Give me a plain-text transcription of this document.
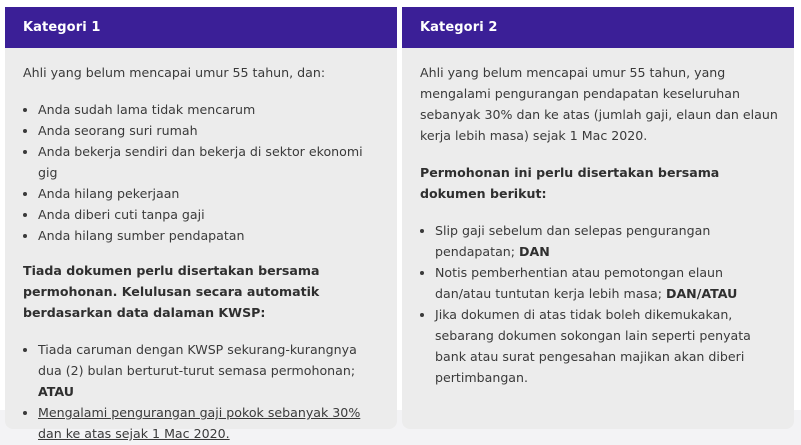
Kategori 1

Ahli yang belum mencapai umur 55 tahun, dan:

• Anda sudah lama tidak mencarum
• Anda seorang suri rumah
• Anda bekerja sendiri dan bekerja di sektor ekonomi gig
• Anda hilang pekerjaan
• Anda diberi cuti tanpa gaji
• Anda hilang sumber pendapatan

Tiada dokumen perlu disertakan bersama permohonan. Kelulusan secara automatik berdasarkan data dalaman KWSP:

• Tiada caruman dengan KWSP sekurang-kurangnya dua (2) bulan berturut-turut semasa permohonan; ATAU
• Mengalami pengurangan gaji pokok sebanyak 30% dan ke atas sejak 1 Mac 2020.
Kategori 2

Ahli yang belum mencapai umur 55 tahun, yang mengalami pengurangan pendapatan keseluruhan sebanyak 30% dan ke atas (jumlah gaji, elaun dan elaun kerja lebih masa) sejak 1 Mac 2020.

Permohonan ini perlu disertakan bersama dokumen berikut:

• Slip gaji sebelum dan selepas pengurangan pendapatan; DAN
• Notis pemberhentian atau pemotongan elaun dan/atau tuntutan kerja lebih masa; DAN/ATAU
• Jika dokumen di atas tidak boleh dikemukakan, sebarang dokumen sokongan lain seperti penyata bank atau surat pengesahan majikan akan diberi pertimbangan.
